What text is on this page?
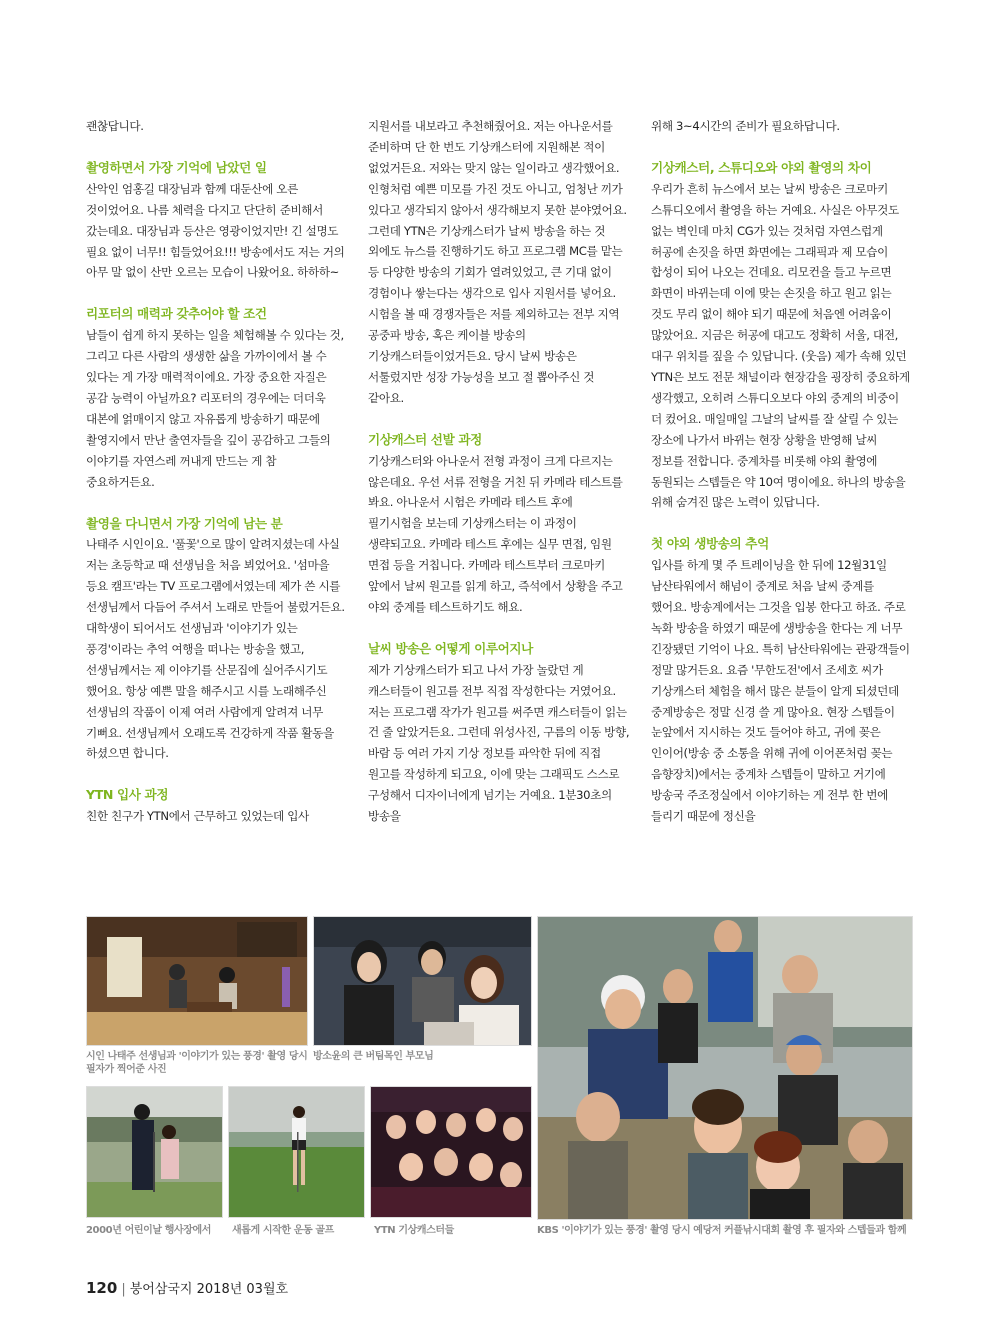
괜찮답니다.

촬영하면서 가장 기억에 남았던 일

산악인 엄홍길 대장님과 함께 대둔산에 오른 것이었어요. 나름 체력을 다지고 단단히 준비해서 갔는데요. 대장님과 등산은 영광이었지만! 긴 설명도 필요 없이 너무!! 힘들었어요!!! 방송에서도 저는 거의 아무 말 없이 산만 오르는 모습이 나왔어요. 하하하~

리포터의 매력과 갖추어야 할 조건

남들이 쉽게 하지 못하는 일을 체험해볼 수 있다는 것, 그리고 다른 사람의 생생한 삶을 가까이에서 볼 수 있다는 게 가장 매력적이에요. 가장 중요한 자질은 공감 능력이 아닐까요? 리포터의 경우에는 더더욱 대본에 얽매이지 않고 자유롭게 방송하기 때문에 촬영지에서 만난 출연자들을 깊이 공감하고 그들의 이야기를 자연스레 꺼내게 만드는 게 참 중요하거든요.

촬영을 다니면서 가장 기억에 남는 분

나태주 시인이요. '풀꽃'으로 많이 알려지셨는데 사실 저는 초등학교 때 선생님을 처음 뵈었어요. '섬마을 등요 캠프'라는 TV 프로그램에서였는데 제가 쓴 시를 선생님께서 다듬어 주셔서 노래로 만들어 불렀거든요. 대학생이 되어서도 선생님과 '이야기가 있는 풍경'이라는 추억 여행을 떠나는 방송을 했고, 선생님께서는 제 이야기를 산문집에 실어주시기도 했어요. 항상 예쁜 말을 해주시고 시를 노래해주신 선생님의 작품이 이제 여러 사람에게 알려져 너무 기뻐요. 선생님께서 오래도록 건강하게 작품 활동을 하셨으면 합니다.

YTN 입사 과정

친한 친구가 YTN에서 근무하고 있었는데 입사

지원서를 내보라고 추천해줬어요. 저는 아나운서를 준비하며 단 한 번도 기상캐스터에 지원해본 적이 없었거든요. 저와는 맞지 않는 일이라고 생각했어요. 인형처럼 예쁜 미모를 가진 것도 아니고, 엄청난 끼가 있다고 생각되지 않아서 생각해보지 못한 분야였어요. 그런데 YTN은 기상캐스터가 날씨 방송을 하는 것 외에도 뉴스를 진행하기도 하고 프로그램 MC를 맡는 등 다양한 방송의 기회가 열려있었고, 큰 기대 없이 경험이나 쌓는다는 생각으로 입사 지원서를 넣어요. 시험을 볼 때 경쟁자들은 저를 제외하고는 전부 지역 공중파 방송, 혹은 케이블 방송의 기상캐스터들이었거든요. 당시 날씨 방송은 서툴렀지만 성장 가능성을 보고 절 뽑아주신 것 같아요.

기상캐스터 선발 과정

기상캐스터와 아나운서 전형 과정이 크게 다르지는 않은데요. 우선 서류 전형을 거친 뒤 카메라 테스트를 봐요. 아나운서 시험은 카메라 테스트 후에 필기시험을 보는데 기상캐스터는 이 과정이 생략되고요. 카메라 테스트 후에는 실무 면접, 임원 면접 등을 거칩니다. 카메라 테스트부터 크로마키 앞에서 날씨 원고를 읽게 하고, 즉석에서 상황을 주고 야외 중계를 테스트하기도 해요.

날씨 방송은 어떻게 이루어지나

제가 기상캐스터가 되고 나서 가장 놀랐던 게 캐스터들이 원고를 전부 직접 작성한다는 거였어요. 저는 프로그램 작가가 원고를 써주면 캐스터들이 읽는 건 줄 알았거든요. 그런데 위성사진, 구름의 이동 방향, 바람 등 여러 가지 기상 정보를 파악한 뒤에 직접 원고를 작성하게 되고요, 이에 맞는 그래픽도 스스로 구성해서 디자이너에게 넘기는 거예요. 1분30초의 방송을

위해 3~4시간의 준비가 필요하답니다.

기상캐스터, 스튜디오와 야외 촬영의 차이

우리가 흔히 뉴스에서 보는 날씨 방송은 크로마키 스튜디오에서 촬영을 하는 거예요. 사실은 아무것도 없는 벽인데 마치 CG가 있는 것처럼 자연스럽게 허공에 손짓을 하면 화면에는 그래픽과 제 모습이 합성이 되어 나오는 건데요. 리모컨을 들고 누르면 화면이 바뀌는데 이에 맞는 손짓을 하고 원고 읽는 것도 무리 없이 해야 되기 때문에 처음엔 어려움이 많았어요. 지금은 허공에 대고도 정확히 서울, 대전, 대구 위치를 짚을 수 있답니다. (웃음) 제가 속해 있던 YTN은 보도 전문 채널이라 현장감을 굉장히 중요하게 생각했고, 오히려 스튜디오보다 야외 중계의 비중이 더 컸어요. 매일매일 그날의 날씨를 잘 살릴 수 있는 장소에 나가서 바뀌는 현장 상황을 반영해 날씨 정보를 전합니다. 중계차를 비롯해 야외 촬영에 동원되는 스텝들은 약 10여 명이에요. 하나의 방송을 위해 숨겨진 많은 노력이 있답니다.

첫 야외 생방송의 추억

입사를 하게 몇 주 트레이닝을 한 뒤에 12월31일 남산타워에서 해넘이 중계로 처음 날씨 중계를 했어요. 방송계에서는 그것을 입봉 한다고 하죠. 주로 녹화 방송을 하였기 때문에 생방송을 한다는 게 너무 긴장됐던 기억이 나요. 특히 남산타워에는 관광객들이 정말 많거든요. 요즘 '무한도전'에서 조세호 씨가 기상캐스터 체험을 해서 많은 분들이 알게 되셨던데 중계방송은 정말 신경 쓸 게 많아요. 현장 스텝들이 눈앞에서 지시하는 것도 들어야 하고, 귀에 꽂은 인이어(방송 중 소통을 위해 귀에 이어폰처럼 꽂는 음향장치)에서는 중계차 스텝들이 말하고 거기에 방송국 주조정실에서 이야기하는 게 전부 한 번에 들리기 때문에 정신을

시인 나태주 선생님과 '이야기가 있는 풍경' 촬영 당시 필자가 찍어준 사진
방소윤의 큰 버팀목인 부모님
2000년 어린이날 행사장에서	새롭게 시작한 운동 골프	YTN 기상캐스터들	KBS '이야기가 있는 풍경' 촬영 당시 예당저 커플낚시대회 촬영 후 필자와 스텝들과 함께
120 | 붕어삼국지 2018년 03월호
